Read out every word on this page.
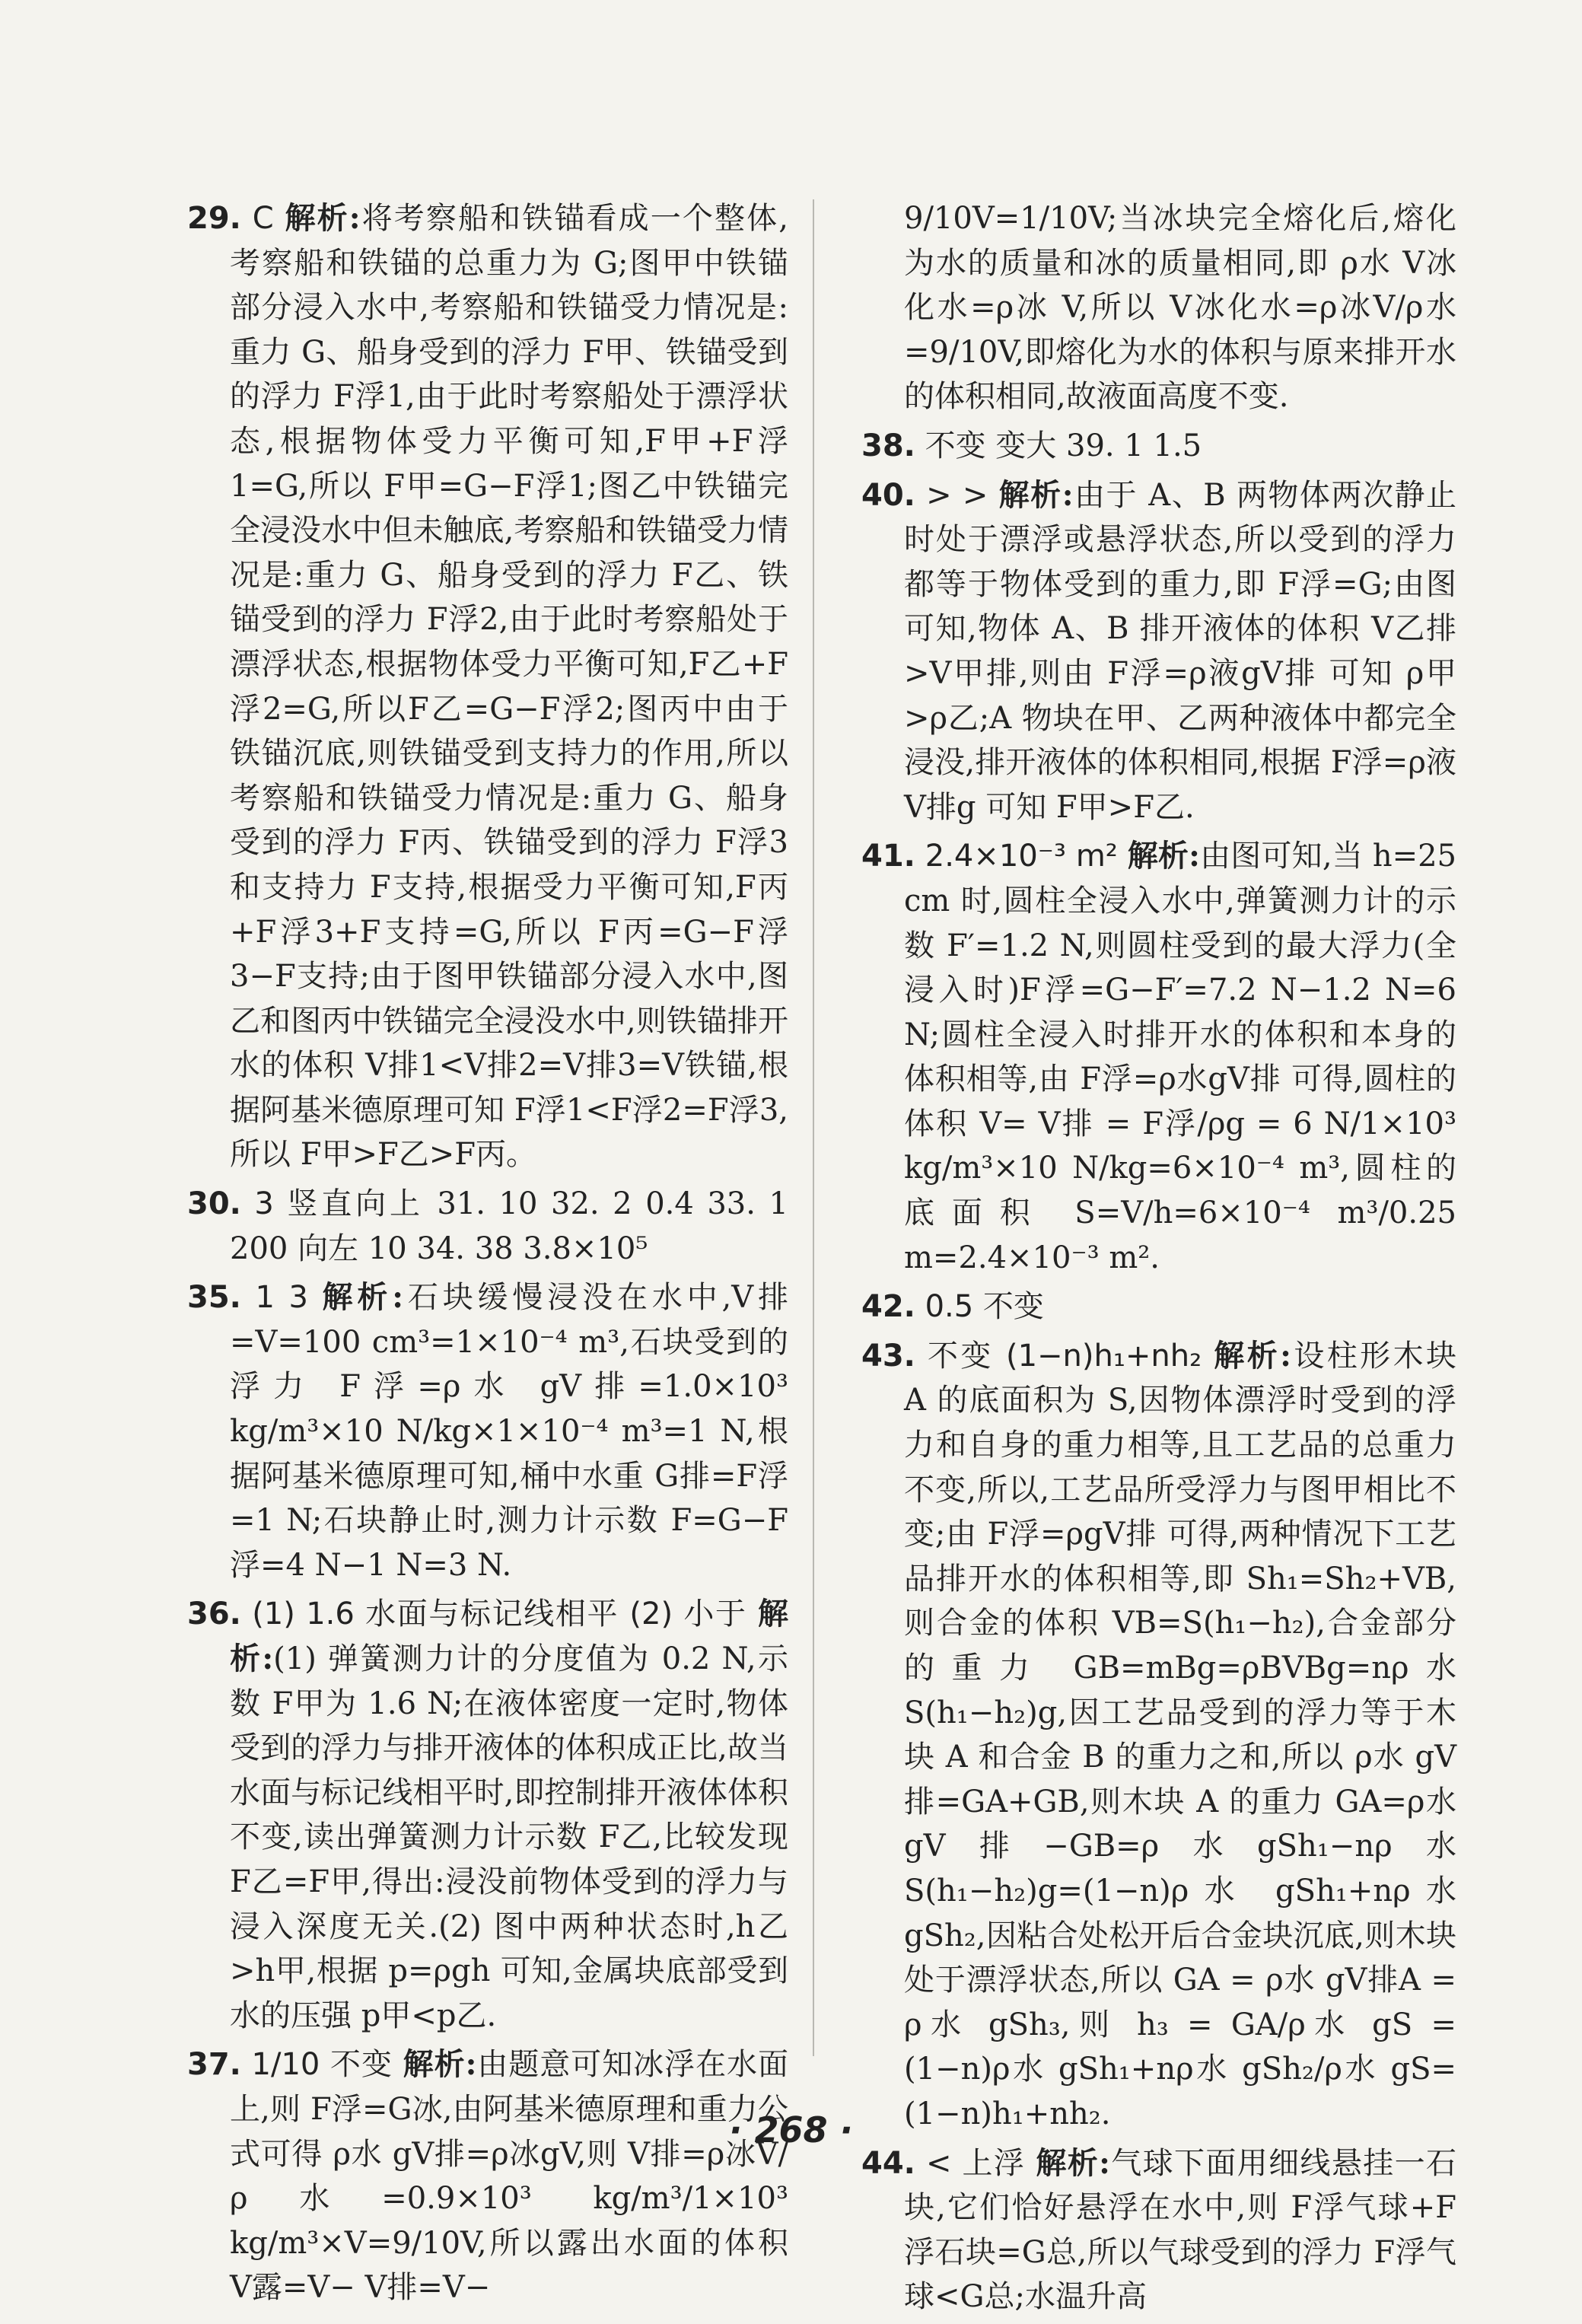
29. C 解析:将考察船和铁锚看成一个整体,考察船和铁锚的总重力为 G;图甲中铁锚部分浸入水中,考察船和铁锚受力情况是:重力 G、船身受到的浮力 F甲、铁锚受到的浮力 F浮1,由于此时考察船处于漂浮状态,根据物体受力平衡可知,F甲+F浮1=G,所以 F甲=G−F浮1;图乙中铁锚完全浸没水中但未触底,考察船和铁锚受力情况是:重力 G、船身受到的浮力 F乙、铁锚受到的浮力 F浮2,由于此时考察船处于漂浮状态,根据物体受力平衡可知,F乙+F浮2=G,所以F乙=G−F浮2;图丙中由于铁锚沉底,则铁锚受到支持力的作用,所以考察船和铁锚受力情况是:重力 G、船身受到的浮力 F丙、铁锚受到的浮力 F浮3和支持力 F支持,根据受力平衡可知,F丙+F浮3+F支持=G,所以 F丙=G−F浮3−F支持;由于图甲铁锚部分浸入水中,图乙和图丙中铁锚完全浸没水中,则铁锚排开水的体积 V排1<V排2=V排3=V铁锚,根据阿基米德原理可知 F浮1<F浮2=F浮3,所以 F甲>F乙>F丙。

30. 3 竖直向上 31. 10 32. 2 0.4 33. 1 200 向左 10 34. 38 3.8×10⁵

35. 1 3 解析:石块缓慢浸没在水中,V排=V=100 cm³=1×10⁻⁴ m³,石块受到的浮力 F浮=ρ水 gV排=1.0×10³ kg/m³×10 N/kg×1×10⁻⁴ m³=1 N,根据阿基米德原理可知,桶中水重 G排=F浮=1 N;石块静止时,测力计示数 F=G−F浮=4 N−1 N=3 N.

36. (1) 1.6 水面与标记线相平 (2) 小于 解析:(1) 弹簧测力计的分度值为 0.2 N,示数 F甲为 1.6 N;在液体密度一定时,物体受到的浮力与排开液体的体积成正比,故当水面与标记线相平时,即控制排开液体体积不变,读出弹簧测力计示数 F乙,比较发现 F乙=F甲,得出:浸没前物体受到的浮力与浸入深度无关.(2) 图中两种状态时,h乙>h甲,根据 p=ρgh 可知,金属块底部受到水的压强 p甲<p乙.

37. 1/10 不变 解析:由题意可知冰浮在水面上,则 F浮=G冰,由阿基米德原理和重力公式可得 ρ水 gV排=ρ冰gV,则 V排=ρ冰V/ρ水=0.9×10³ kg/m³/1×10³ kg/m³×V=9/10V,所以露出水面的体积 V露=V− V排=V−

9/10V=1/10V;当冰块完全熔化后,熔化为水的质量和冰的质量相同,即 ρ水 V冰化水=ρ冰 V,所以 V冰化水=ρ冰V/ρ水=9/10V,即熔化为水的体积与原来排开水的体积相同,故液面高度不变.

38. 不变 变大 39. 1 1.5

40. > > 解析:由于 A、B 两物体两次静止时处于漂浮或悬浮状态,所以受到的浮力都等于物体受到的重力,即 F浮=G;由图可知,物体 A、B 排开液体的体积 V乙排>V甲排,则由 F浮=ρ液gV排 可知 ρ甲>ρ乙;A 物块在甲、乙两种液体中都完全浸没,排开液体的体积相同,根据 F浮=ρ液V排g 可知 F甲>F乙.

41. 2.4×10⁻³ m² 解析:由图可知,当 h=25 cm 时,圆柱全浸入水中,弹簧测力计的示数 F′=1.2 N,则圆柱受到的最大浮力(全浸入时)F浮=G−F′=7.2 N−1.2 N=6 N;圆柱全浸入时排开水的体积和本身的体积相等,由 F浮=ρ水gV排 可得,圆柱的体积 V= V排 = F浮/ρg = 6 N/1×10³ kg/m³×10 N/kg=6×10⁻⁴ m³,圆柱的底面积 S=V/h=6×10⁻⁴ m³/0.25 m=2.4×10⁻³ m².

42. 0.5 不变

43. 不变 (1−n)h₁+nh₂ 解析:设柱形木块 A 的底面积为 S,因物体漂浮时受到的浮力和自身的重力相等,且工艺品的总重力不变,所以,工艺品所受浮力与图甲相比不变;由 F浮=ρgV排 可得,两种情况下工艺品排开水的体积相等,即 Sh₁=Sh₂+VB,则合金的体积 VB=S(h₁−h₂),合金部分的重力 GB=mBg=ρBVBg=nρ水S(h₁−h₂)g,因工艺品受到的浮力等于木块 A 和合金 B 的重力之和,所以 ρ水 gV排=GA+GB,则木块 A 的重力 GA=ρ水gV排−GB=ρ水gSh₁−nρ水S(h₁−h₂)g=(1−n)ρ水 gSh₁+nρ水 gSh₂,因粘合处松开后合金块沉底,则木块处于漂浮状态,所以 GA = ρ水 gV排A = ρ水 gSh₃,则 h₃ = GA/ρ水 gS = (1−n)ρ水 gSh₁+nρ水 gSh₂/ρ水 gS=(1−n)h₁+nh₂.

44. < 上浮 解析:气球下面用细线悬挂一石块,它们恰好悬浮在水中,则 F浮气球+F浮石块=G总,所以气球受到的浮力 F浮气球<G总;水温升高

· 268 ·
